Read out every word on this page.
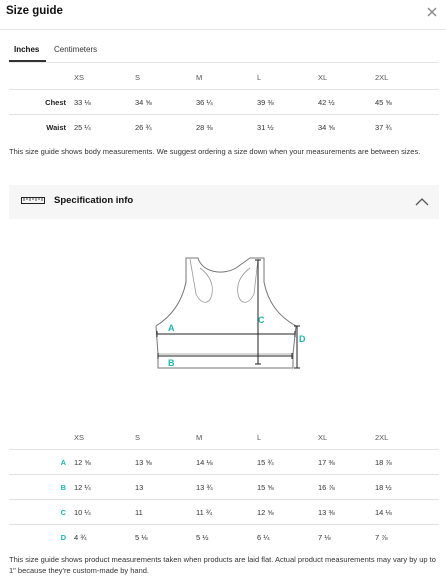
Size guide
Inches Centimeters
	XS	S	M	L	XL	2XL
Chest	33 ⅛	34 ⅝	36 ¼	39 ⅜	42 ½	45 ⅝
Waist	25 ¼	26 ¾	28 ⅜	31 ½	34 ⅝	37 ¾
This size guide shows body measurements. We suggest ordering a size down when your measurements are between sizes.
Specification info
A
B
C
D
	XS	S	M	L	XL	2XL
A	12 ⅝	13 ⅝	14 ⅛	15 ¾	17 ⅜	18 ⅞
B	12 ¼	13	13 ¾	15 ⅝	16 ⅞	18 ½
C	10 ¼	11	11 ¾	12 ⅝	13 ⅜	14 ⅛
D	4 ¾	5 ⅛	5 ½	6 ¼	7 ⅛	7 ⅞
This size guide shows product measurements taken when products are laid flat. Actual product measurements may vary by up to 1" because they're custom-made by hand.
